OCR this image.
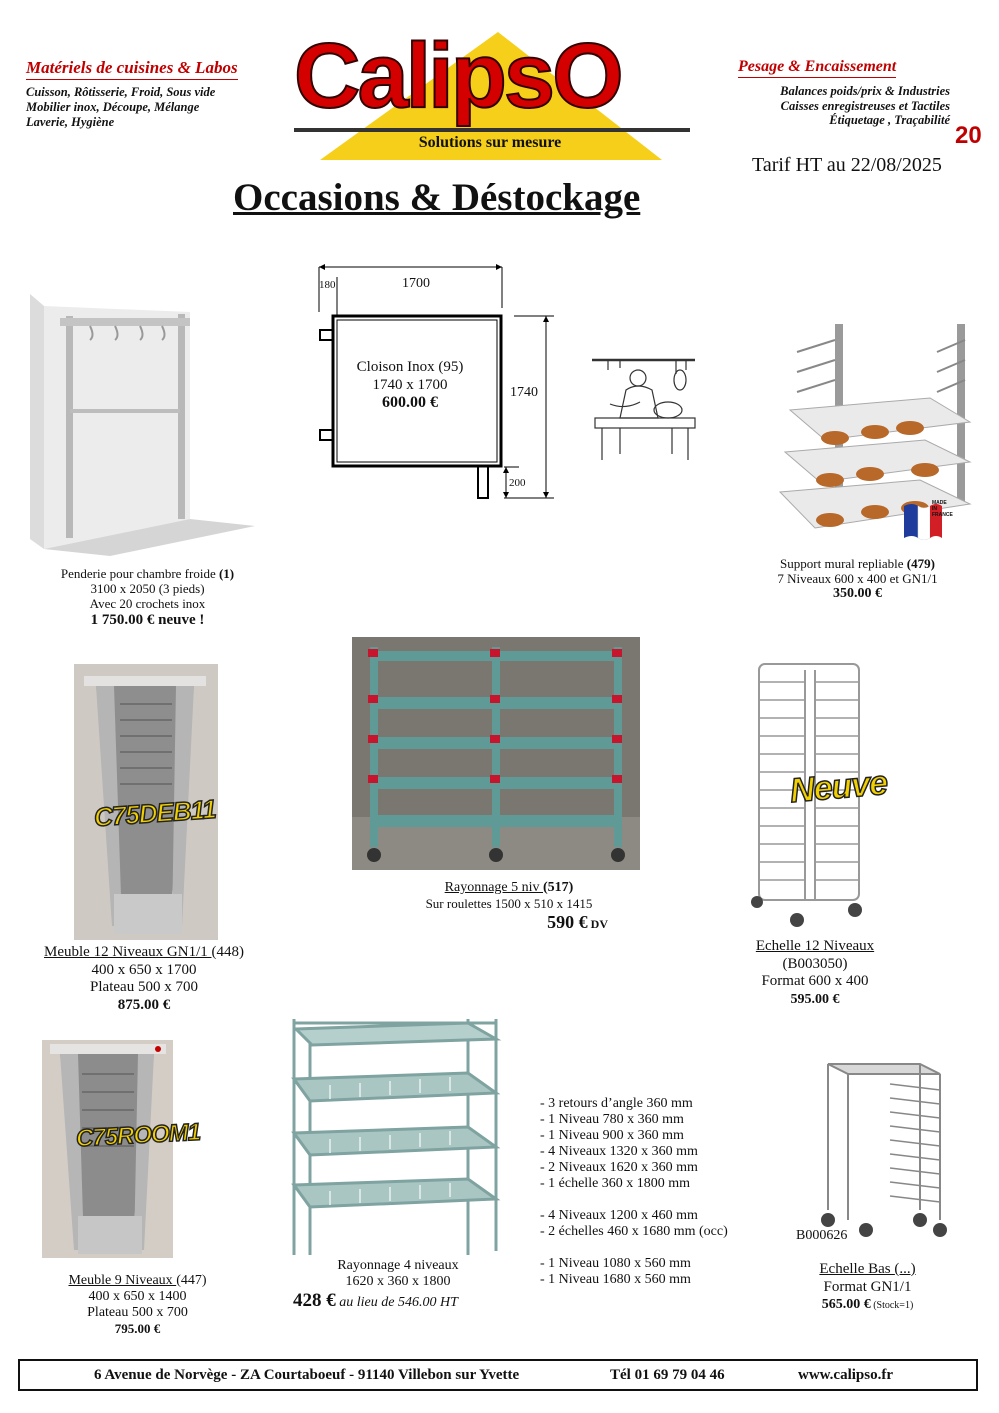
Matériels de cuisines & Labos
Cuisson, Rôtisserie, Froid, Sous vide
Mobilier inox, Découpe, Mélange
Laverie, Hygiène	CalipsO
Solutions sur mesure
Pesage & Encaissement
Balances poids/prix & Industries
Caisses enregistreuses et Tactiles
Étiquetage , Traçabilité
20
Tarif HT au 22/08/2025
Occasions & Déstockage
Penderie pour chambre froide (1)
3100 x 2050 (3 pieds)
Avec 20 crochets inox
1 750.00 € neuve !
1700
180
1740
200
Cloison Inox (95)
1740 x 1700
600.00 €
MADE IN FRANCE
Support mural repliable (479)
7 Niveaux 600 x 400 et GN1/1
350.00 €
C75DEB11
Meuble 12 Niveaux GN1/1 (448)
400 x 650 x 1700
Plateau 500 x 700
875.00 €
Rayonnage 5 niv (517)
Sur roulettes 1500 x 510 x 1415
590 € DV
Neuve
Echelle 12 Niveaux
(B003050)
Format 600 x 400
595.00 €
C75ROOM1
Meuble 9 Niveaux (447)
400 x 650 x 1400
Plateau 500 x 700
795.00 €
Rayonnage 4 niveaux
1620 x 360 x 1800
428 € au lieu de 546.00 HT
- 3 retours d’angle 360 mm
- 1 Niveau 780 x 360 mm
- 1 Niveau 900 x 360 mm
- 4 Niveaux 1320 x 360 mm
- 2 Niveaux 1620 x 360 mm
- 1 échelle 360 x 1800 mm
- 4 Niveaux 1200 x 460 mm
- 2 échelles 460 x 1680 mm (occ)
- 1 Niveau 1080 x 560 mm
- 1 Niveau 1680 x 560 mm
B000626
Echelle Bas (...)
Format GN1/1
565.00 € (Stock=1)
6 Avenue de Norvège - ZA Courtaboeuf - 91140 Villebon sur Yvette	Tél 01 69 79 04 46	www.calipso.fr
